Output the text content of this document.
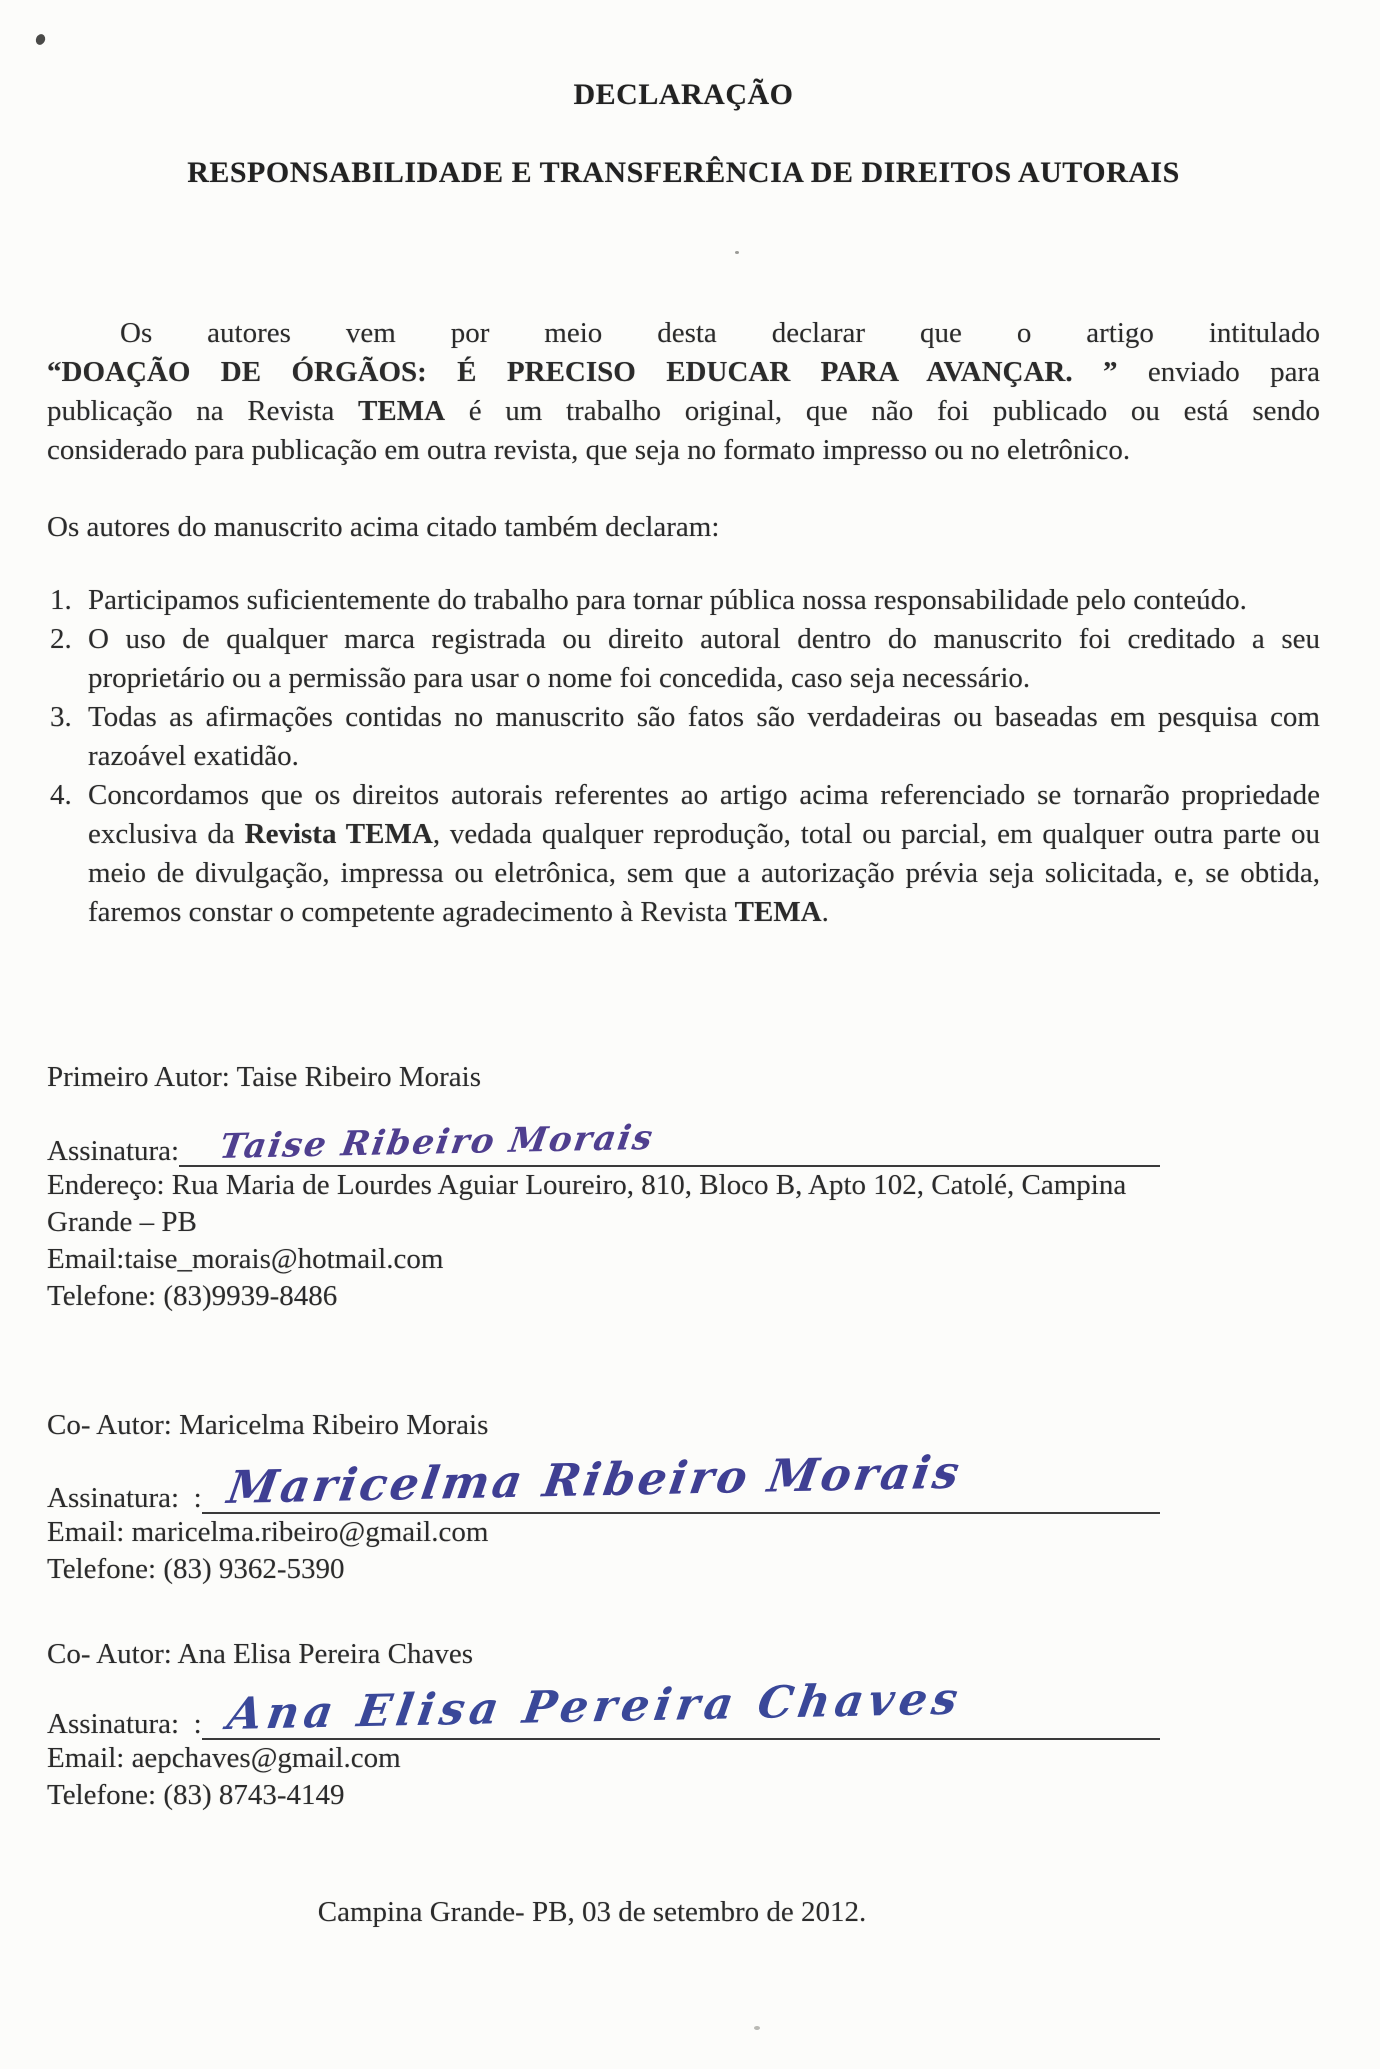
DECLARAÇÃO
RESPONSABILIDADE E TRANSFERÊNCIA DE DIREITOS AUTORAIS
Os autores vem por meio desta declarar que o artigo intitulado
“DOAÇÃO DE ÓRGÃOS: É PRECISO EDUCAR PARA AVANÇAR. ” enviado para
publicação na Revista TEMA é um trabalho original, que não foi publicado ou está sendo
considerado para publicação em outra revista, que seja no formato impresso ou no eletrônico.

Os autores do manuscrito acima citado também declaram:

1. Participamos suficientemente do trabalho para tornar pública nossa responsabilidade pelo conteúdo.
2. O uso de qualquer marca registrada ou direito autoral dentro do manuscrito foi creditado a seu proprietário ou a permissão para usar o nome foi concedida, caso seja necessário.
3. Todas as afirmações contidas no manuscrito são fatos são verdadeiras ou baseadas em pesquisa com razoável exatidão.
4. Concordamos que os direitos autorais referentes ao artigo acima referenciado se tornarão propriedade exclusiva da Revista TEMA, vedada qualquer reprodução, total ou parcial, em qualquer outra parte ou meio de divulgação, impressa ou eletrônica, sem que a autorização prévia seja solicitada, e, se obtida, faremos constar o competente agradecimento à Revista TEMA.

Primeiro Autor: Taise Ribeiro Morais

Assinatura: Taise Ribeiro Morais

Endereço: Rua Maria de Lourdes Aguiar Loureiro, 810, Bloco B, Apto 102, Catolé, Campina

Grande – PB

Email:taise_morais@hotmail.com

Telefone: (83)9939-8486

Co- Autor: Maricelma Ribeiro Morais

Assinatura:  : Maricelma Ribeiro Morais

Email: maricelma.ribeiro@gmail.com

Telefone: (83) 9362-5390

Co- Autor: Ana Elisa Pereira Chaves

Assinatura:  : Ana Elisa Pereira Chaves

Email: aepchaves@gmail.com

Telefone: (83) 8743-4149

Campina Grande- PB, 03 de setembro de 2012.
